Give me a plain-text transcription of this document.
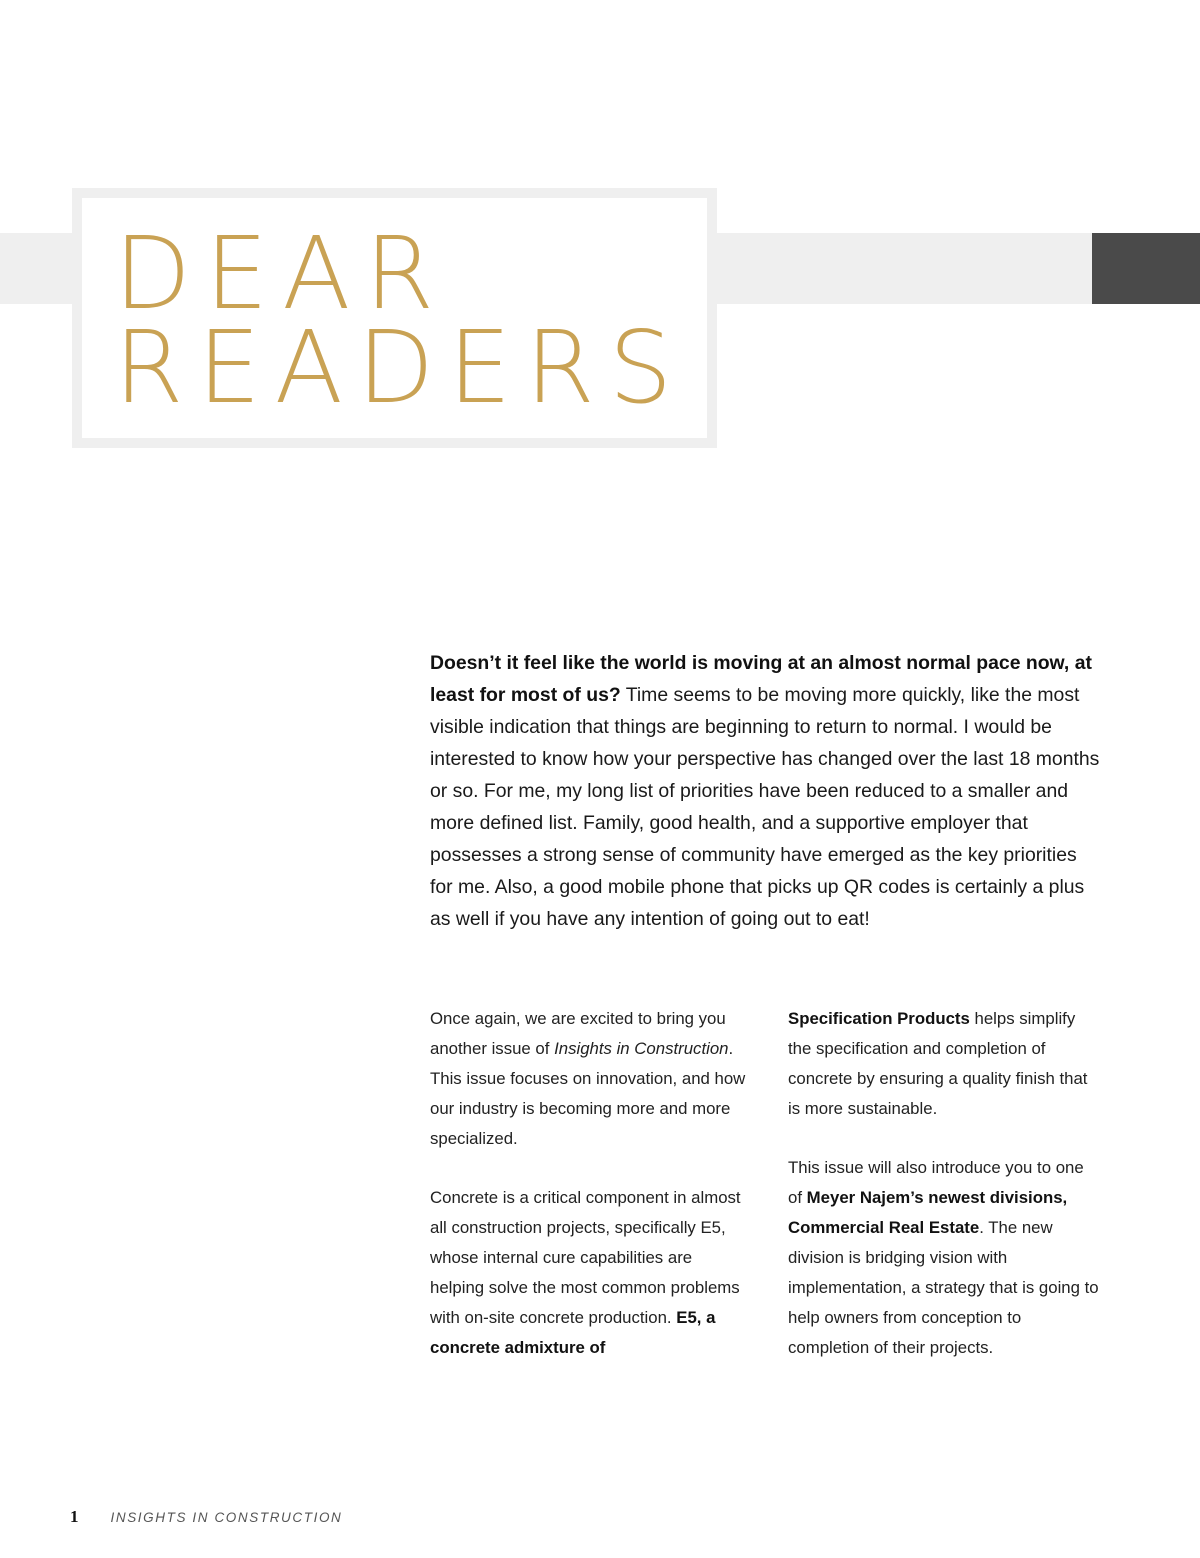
DEAR
READERS

Doesn’t it feel like the world is moving at an almost normal pace now, at least for most of us? Time seems to be moving more quickly, like the most visible indication that things are beginning to return to normal. I would be interested to know how your perspective has changed over the last 18 months or so. For me, my long list of priorities have been reduced to a smaller and more defined list. Family, good health, and a supportive employer that possesses a strong sense of community have emerged as the key priorities for me. Also, a good mobile phone that picks up QR codes is certainly a plus as well if you have any intention of going out to eat!

Once again, we are excited to bring you another issue of Insights in Construction. This issue focuses on innovation, and how our industry is becoming more and more specialized.

Concrete is a critical component in almost all construction projects, specifically E5, whose internal cure capabilities are helping solve the most common problems with on-site concrete production. E5, a concrete admixture of

Specification Products helps simplify the specification and completion of concrete by ensuring a quality finish that is more sustainable.

This issue will also introduce you to one of Meyer Najem’s newest divisions, Commercial Real Estate. The new division is bridging vision with implementation, a strategy that is going to help owners from conception to completion of their projects.

1 INSIGHTS IN CONSTRUCTION
